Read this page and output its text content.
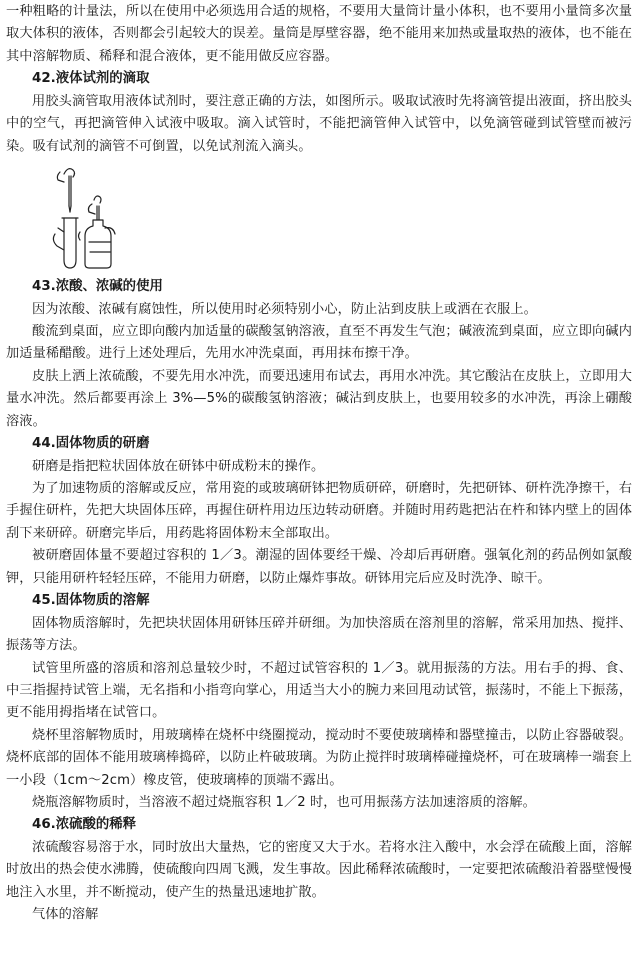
一种粗略的计量法，所以在使用中必须选用合适的规格，不要用大量筒计量小体积，也不要用小量筒多次量取大体积的液体，否则都会引起较大的误差。量筒是厚壁容器，绝不能用来加热或量取热的液体，也不能在其中溶解物质、稀释和混合液体，更不能用做反应容器。

42.液体试剂的滴取

用胶头滴管取用液体试剂时，要注意正确的方法，如图所示。吸取试液时先将滴管提出液面，挤出胶头中的空气，再把滴管伸入试液中吸取。滴入试管时，不能把滴管伸入试管中，以免滴管碰到试管壁而被污染。吸有试剂的滴管不可倒置，以免试剂流入滴头。

43.浓酸、浓碱的使用

因为浓酸、浓碱有腐蚀性，所以使用时必须特别小心，防止沾到皮肤上或洒在衣服上。

酸流到桌面，应立即向酸内加适量的碳酸氢钠溶液，直至不再发生气泡；碱液流到桌面，应立即向碱内加适量稀醋酸。进行上述处理后，先用水冲洗桌面，再用抹布擦干净。

皮肤上洒上浓硫酸，不要先用水冲洗，而要迅速用布试去，再用水冲洗。其它酸沾在皮肤上，立即用大量水冲洗。然后都要再涂上 3%—5%的碳酸氢钠溶液；碱沾到皮肤上，也要用较多的水冲洗，再涂上硼酸溶液。

44.固体物质的研磨

研磨是指把粒状固体放在研钵中研成粉末的操作。

为了加速物质的溶解或反应，常用瓷的或玻璃研钵把物质研碎，研磨时，先把研钵、研杵洗净擦干，右手握住研杵，先把大块固体压碎，再握住研杵用边压边转动研磨。并随时用药匙把沾在杵和钵内壁上的固体刮下来研碎。研磨完毕后，用药匙将固体粉末全部取出。

被研磨固体量不要超过容积的 1／3。潮湿的固体要经干燥、冷却后再研磨。强氧化剂的药品例如氯酸钾，只能用研杵轻轻压碎，不能用力研磨，以防止爆炸事故。研钵用完后应及时洗净、晾干。

45.固体物质的溶解

固体物质溶解时，先把块状固体用研钵压碎并研细。为加快溶质在溶剂里的溶解，常采用加热、搅拌、振荡等方法。

试管里所盛的溶质和溶剂总量较少时，不超过试管容积的 1／3。就用振荡的方法。用右手的拇、食、中三指握持试管上端，无名指和小指弯向掌心，用适当大小的腕力来回甩动试管，振荡时，不能上下振荡，更不能用拇指堵在试管口。

烧杯里溶解物质时，用玻璃棒在烧杯中绕圈搅动，搅动时不要使玻璃棒和器壁撞击，以防止容器破裂。烧杯底部的固体不能用玻璃棒捣碎，以防止杵破玻璃。为防止搅拌时玻璃棒碰撞烧杯，可在玻璃棒一端套上一小段（1cm～2cm）橡皮管，使玻璃棒的顶端不露出。

烧瓶溶解物质时，当溶液不超过烧瓶容积 1／2 时，也可用振荡方法加速溶质的溶解。

46.浓硫酸的稀释

浓硫酸容易溶于水，同时放出大量热，它的密度又大于水。若将水注入酸中，水会浮在硫酸上面，溶解时放出的热会使水沸腾，使硫酸向四周飞溅，发生事故。因此稀释浓硫酸时，一定要把浓硫酸沿着器壁慢慢地注入水里，并不断搅动，使产生的热量迅速地扩散。

气体的溶解
